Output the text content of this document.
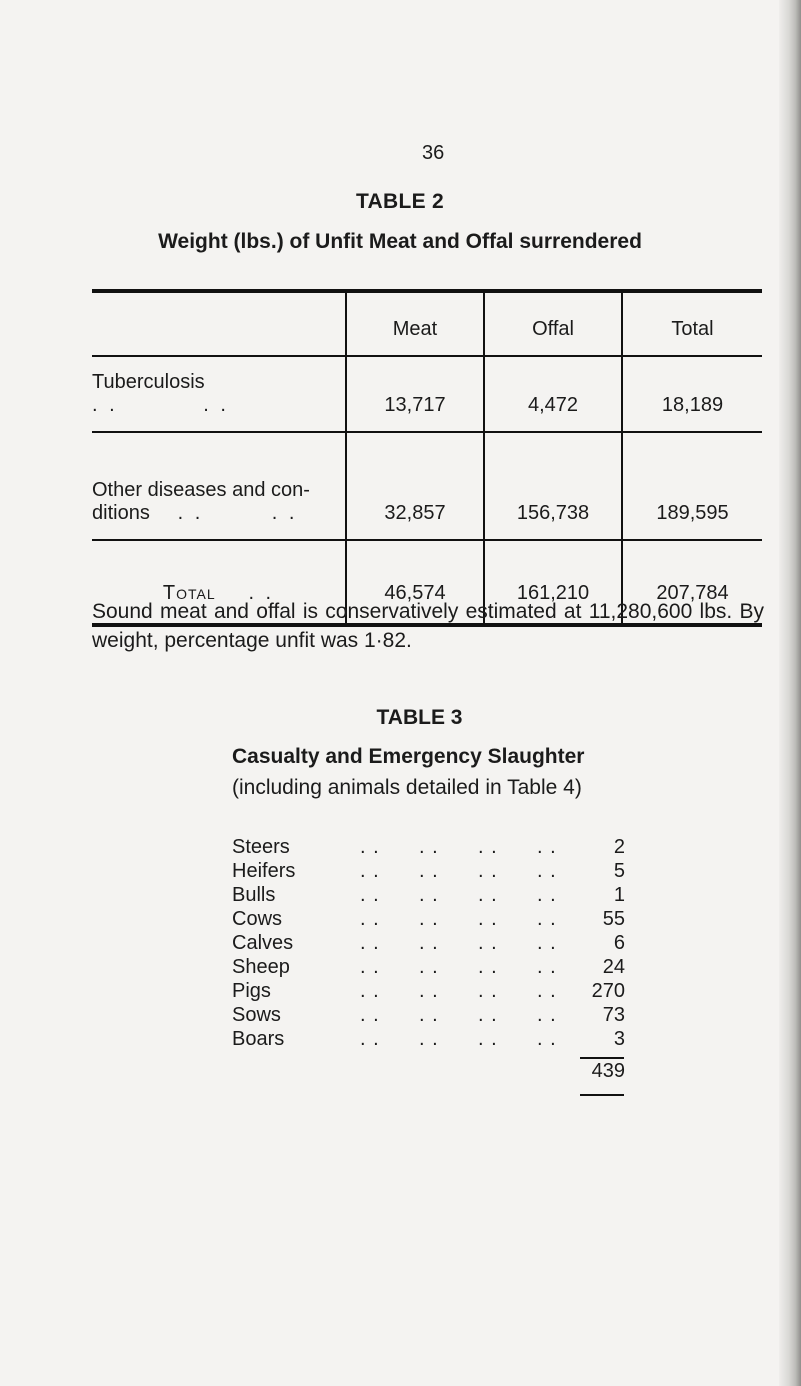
36
TABLE 2
Weight (lbs.) of Unfit Meat and Offal surrendered
	Meat	Offal	Total
Tuberculosis . .          . .	13,717	4,472	18,189

Other diseases and con-
ditions . .        . .	32,857	156,738	189,595
Total . .	46,574	161,210	207,784
Sound meat and offal is conservatively estimated at 11,280,600 lbs. By weight, percentage unfit was 1·82.
TABLE 3
Casualty and Emergency Slaughter
(including animals detailed in Table 4)
Steers	. .      . .      . .      . .	2
Heifers	. .      . .      . .      . .	5
Bulls	. .      . .      . .      . .	1
Cows	. .      . .      . .      . . 55
Calves	. .      . .      . .      . .	6
Sheep	. .      . .      . .      . . 24
Pigs	. .      . .      . .      . . 270
Sows	. .      . .      . .      . . 73
Boars	. .      . .      . .      . .	3
439
